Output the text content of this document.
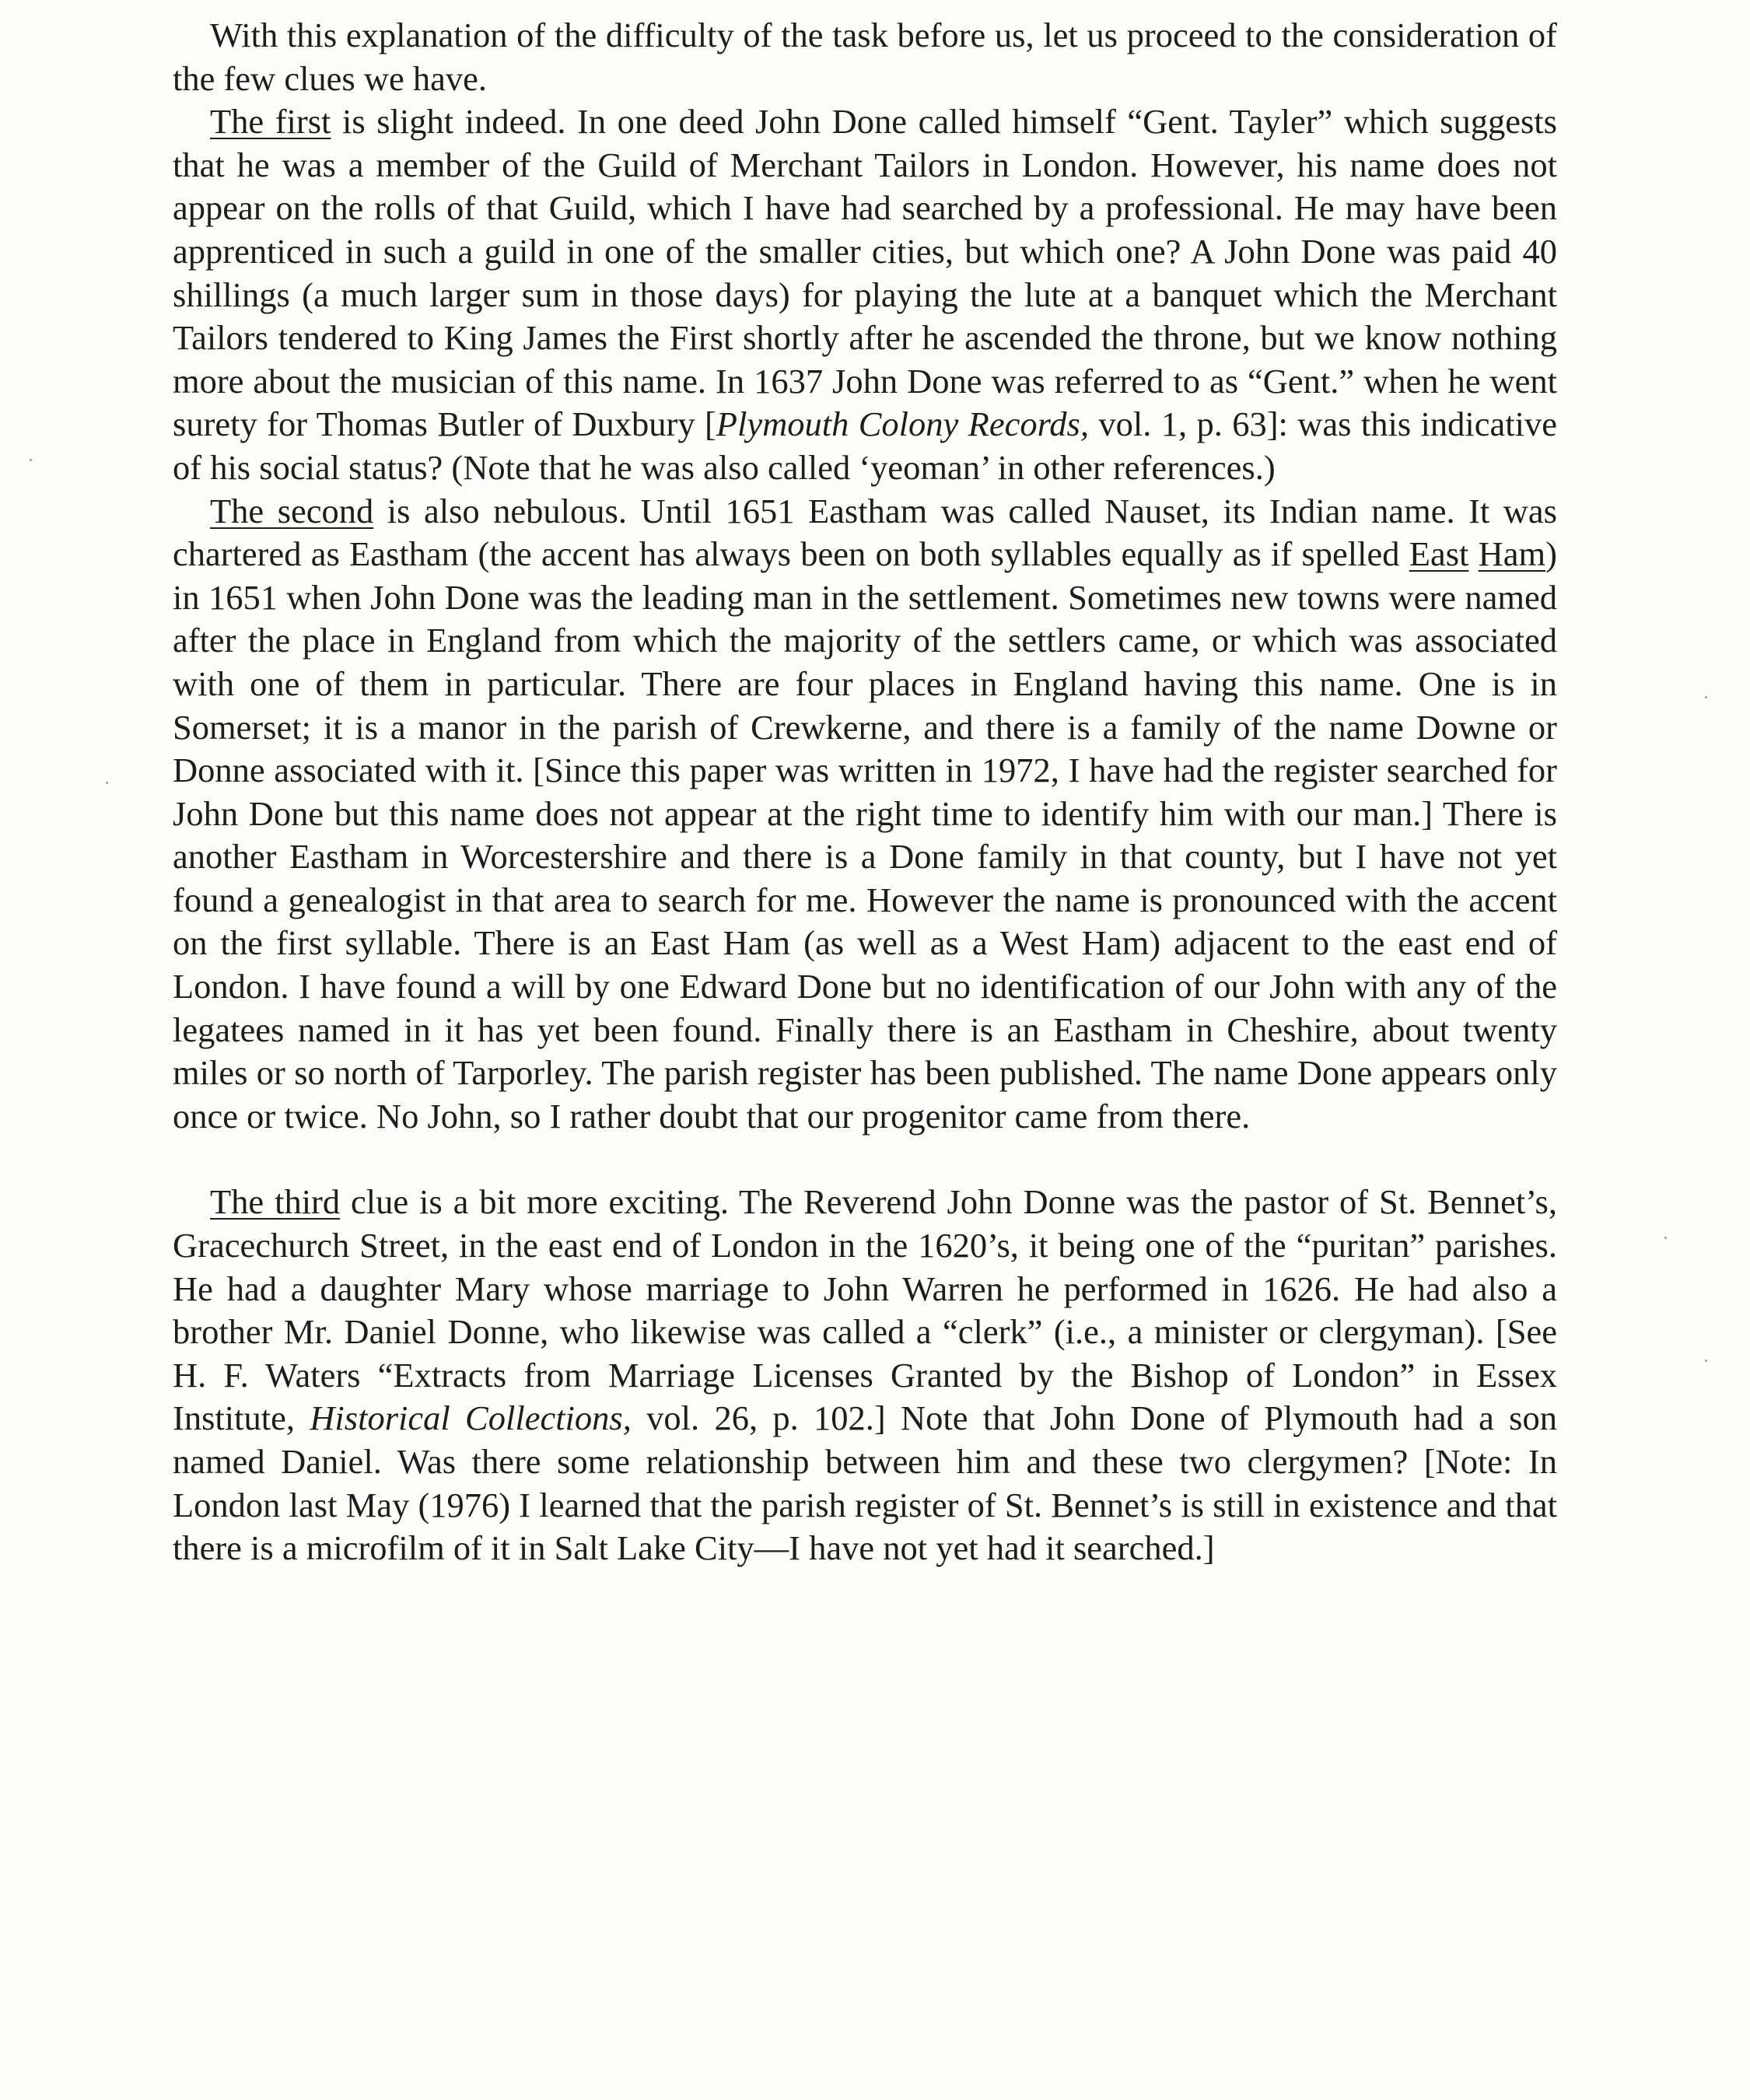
With this explanation of the difficulty of the task before us, let us proceed to the consideration of the few clues we have.

The first is slight indeed. In one deed John Done called himself “Gent. Tayler” which suggests that he was a member of the Guild of Merchant Tailors in London. However, his name does not appear on the rolls of that Guild, which I have had searched by a professional. He may have been apprenticed in such a guild in one of the smaller cities, but which one? A John Done was paid 40 shillings (a much larger sum in those days) for playing the lute at a banquet which the Merchant Tailors tendered to King James the First shortly after he ascended the throne, but we know nothing more about the musician of this name. In 1637 John Done was referred to as “Gent.” when he went surety for Thomas Butler of Duxbury [Plymouth Colony Records, vol. 1, p. 63]: was this indicative of his social status? (Note that he was also called ‘yeoman’ in other references.)

The second is also nebulous. Until 1651 Eastham was called Nauset, its Indian name. It was chartered as Eastham (the accent has always been on both syllables equally as if spelled East Ham) in 1651 when John Done was the leading man in the settlement. Sometimes new towns were named after the place in England from which the majority of the settlers came, or which was associated with one of them in particular. There are four places in England having this name. One is in Somerset; it is a manor in the parish of Crewkerne, and there is a family of the name Downe or Donne associated with it. [Since this paper was written in 1972, I have had the register searched for John Done but this name does not appear at the right time to identify him with our man.] There is another Eastham in Worcestershire and there is a Done family in that county, but I have not yet found a genealogist in that area to search for me. However the name is pronounced with the accent on the first syllable. There is an East Ham (as well as a West Ham) adjacent to the east end of London. I have found a will by one Edward Done but no identification of our John with any of the legatees named in it has yet been found. Finally there is an Eastham in Cheshire, about twenty miles or so north of Tarporley. The parish register has been published. The name Done appears only once or twice. No John, so I rather doubt that our progenitor came from there.

The third clue is a bit more exciting. The Reverend John Donne was the pastor of St. Bennet’s, Gracechurch Street, in the east end of London in the 1620’s, it being one of the “puritan” parishes. He had a daughter Mary whose marriage to John Warren he performed in 1626. He had also a brother Mr. Daniel Donne, who likewise was called a “clerk” (i.e., a minister or clergyman). [See H. F. Waters “Extracts from Marriage Licenses Granted by the Bishop of London” in Essex Institute, Historical Collections, vol. 26, p. 102.] Note that John Done of Plymouth had a son named Daniel. Was there some relationship between him and these two clergymen? [Note: In London last May (1976) I learned that the parish register of St. Bennet’s is still in existence and that there is a microfilm of it in Salt Lake City—I have not yet had it searched.]
